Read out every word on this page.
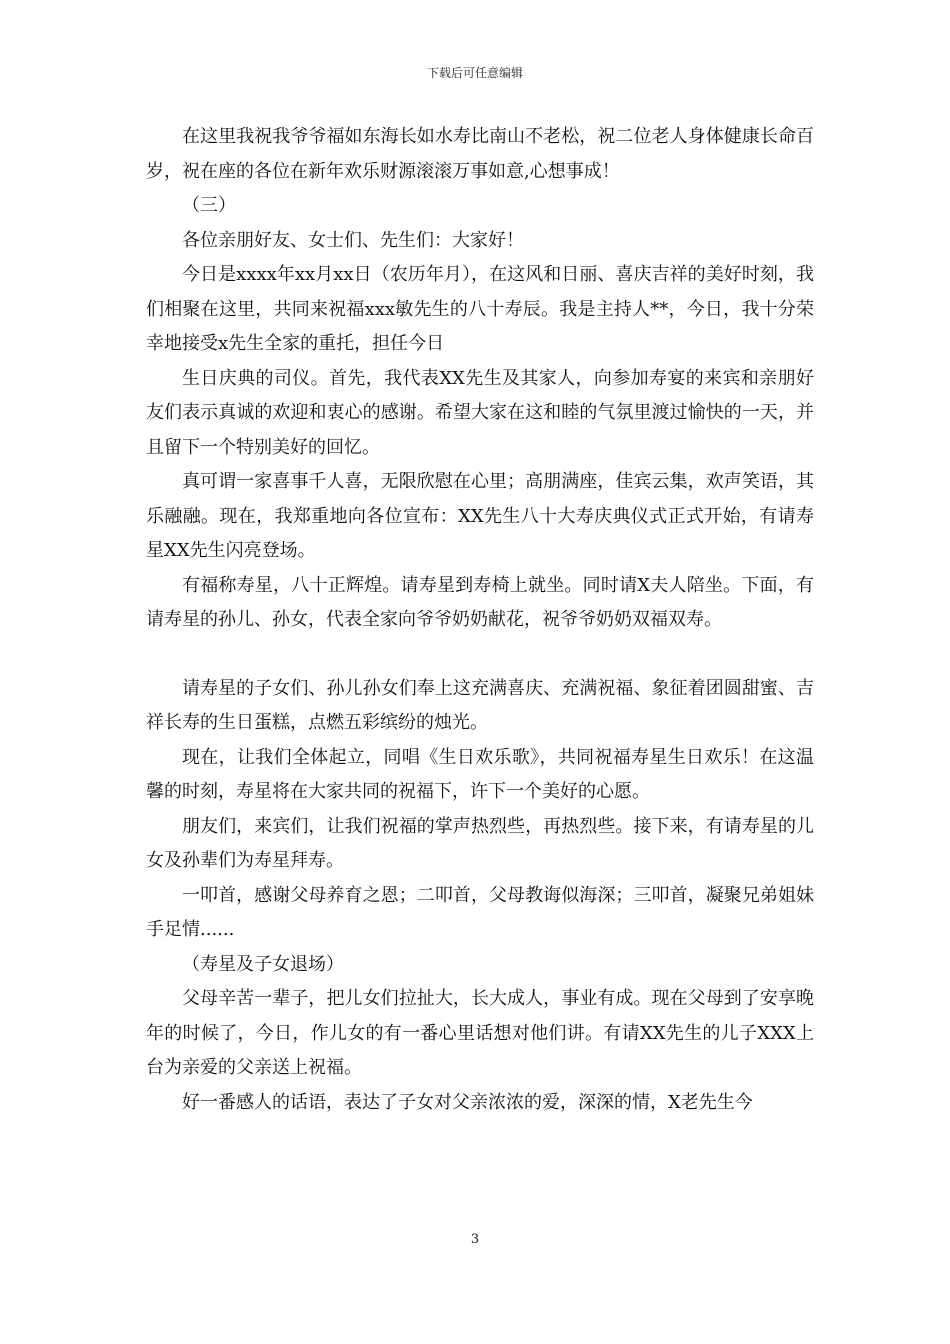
下载后可任意编辑

在这里我祝我爷爷福如东海长如水寿比南山不老松，祝二位老人身体健康长命百岁，祝在座的各位在新年欢乐财源滚滚万事如意,心想事成！

（三）

各位亲朋好友、女士们、先生们：大家好！

今日是xxxx年xx月xx日（农历年月），在这风和日丽、喜庆吉祥的美好时刻，我们相聚在这里，共同来祝福xxx敏先生的八十寿辰。我是主持人**，今日，我十分荣幸地接受x先生全家的重托，担任今日

生日庆典的司仪。首先，我代表XX先生及其家人，向参加寿宴的来宾和亲朋好友们表示真诚的欢迎和衷心的感谢。希望大家在这和睦的气氛里渡过愉快的一天，并且留下一个特别美好的回忆。

真可谓一家喜事千人喜，无限欣慰在心里；高朋满座，佳宾云集，欢声笑语，其乐融融。现在，我郑重地向各位宣布：XX先生八十大寿庆典仪式正式开始，有请寿星XX先生闪亮登场。

有福称寿星，八十正辉煌。请寿星到寿椅上就坐。同时请X夫人陪坐。下面，有请寿星的孙儿、孙女，代表全家向爷爷奶奶献花，祝爷爷奶奶双福双寿。

请寿星的子女们、孙儿孙女们奉上这充满喜庆、充满祝福、象征着团圆甜蜜、吉祥长寿的生日蛋糕，点燃五彩缤纷的烛光。

现在，让我们全体起立，同唱《生日欢乐歌》，共同祝福寿星生日欢乐！在这温馨的时刻，寿星将在大家共同的祝福下，许下一个美好的心愿。

朋友们，来宾们，让我们祝福的掌声热烈些，再热烈些。接下来，有请寿星的儿女及孙辈们为寿星拜寿。

一叩首，感谢父母养育之恩；二叩首，父母教诲似海深；三叩首，凝聚兄弟姐妹手足情......

（寿星及子女退场）

父母辛苦一辈子，把儿女们拉扯大，长大成人，事业有成。现在父母到了安享晚年的时候了，今日，作儿女的有一番心里话想对他们讲。有请XX先生的儿子XXX上台为亲爱的父亲送上祝福。

好一番感人的话语，表达了子女对父亲浓浓的爱，深深的情，X老先生今

3
